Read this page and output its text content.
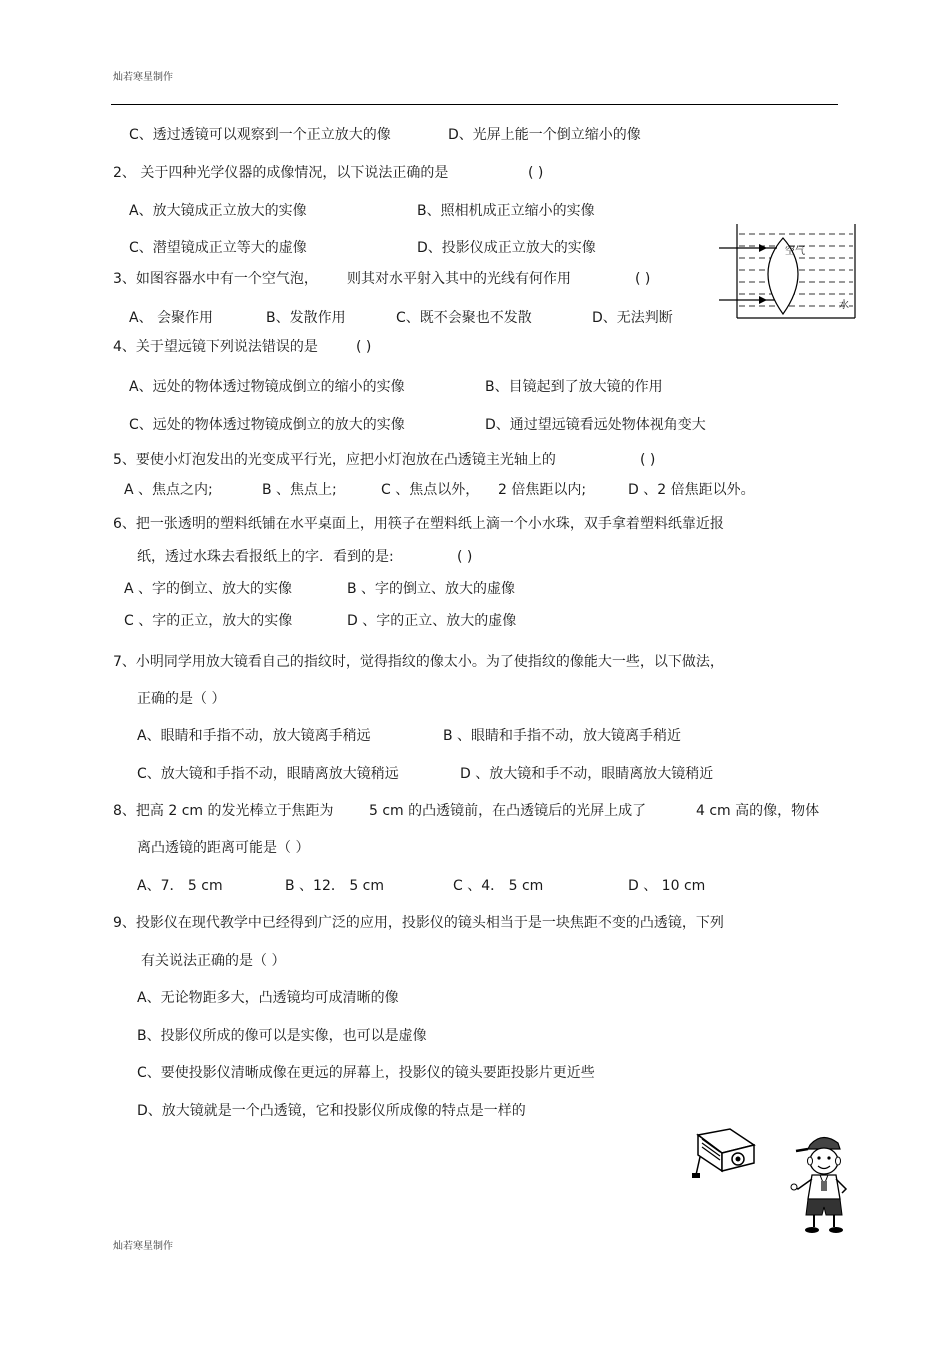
灿若寒星制作
C、透过透镜可以观察到一个正立放大的像	D、光屏上能一个倒立缩小的像
2、 关于四种光学仪器的成像情况，以下说法正确的是	( )
A、放大镜成正立放大的实像	B、照相机成正立缩小的实像
C、潜望镜成正立等大的虚像	D、投影仪成正立放大的实像
3、如图容器水中有一个空气泡， 则其对水平射入其中的光线有何作用	( )
A、 会聚作用	B、发散作用	C、既不会聚也不发散	D、无法判断
4、关于望远镜下列说法错误的是	( )
A、远处的物体透过物镜成倒立的缩小的实像	B、目镜起到了放大镜的作用
C、远处的物体透过物镜成倒立的放大的实像	D、通过望远镜看远处物体视角变大
5、要使小灯泡发出的光变成平行光，应把小灯泡放在凸透镜主光轴上的	( )
A 、焦点之内;	B 、焦点上;	C 、焦点以外， 2 倍焦距以内;	D 、2 倍焦距以外。
6、把一张透明的塑料纸铺在水平桌面上，用筷子在塑料纸上滴一个小水珠，双手拿着塑料纸靠近报
纸，透过水珠去看报纸上的字．看到的是:	( )
A 、字的倒立、放大的实像	B 、字的倒立、放大的虚像
C 、字的正立，放大的实像	D 、字的正立、放大的虚像
7、小明同学用放大镜看自己的指纹时，觉得指纹的像太小。为了使指纹的像能大一些，以下做法，
正确的是（ ）
A、眼睛和手指不动，放大镜离手稍远	B 、眼睛和手指不动，放大镜离手稍近
C、放大镜和手指不动，眼睛离放大镜稍远	D 、放大镜和手不动，眼睛离放大镜稍近
8、把高 2 cm 的发光棒立于焦距为	5 cm 的凸透镜前，在凸透镜后的光屏上成了	4 cm 高的像，物体
离凸透镜的距离可能是（ ）
A、7． 5 cm	B 、12． 5 cm	C 、4． 5 cm	D 、 10 cm
9、投影仪在现代教学中已经得到广泛的应用，投影仪的镜头相当于是一块焦距不变的凸透镜，下列
有关说法正确的是（ ）
A、无论物距多大，凸透镜均可成清晰的像
B、投影仪所成的像可以是实像，也可以是虚像
C、要使投影仪清晰成像在更远的屏幕上，投影仪的镜头要距投影片更近些
D、放大镜就是一个凸透镜，它和投影仪所成像的特点是一样的
空气
水
灿若寒星制作
